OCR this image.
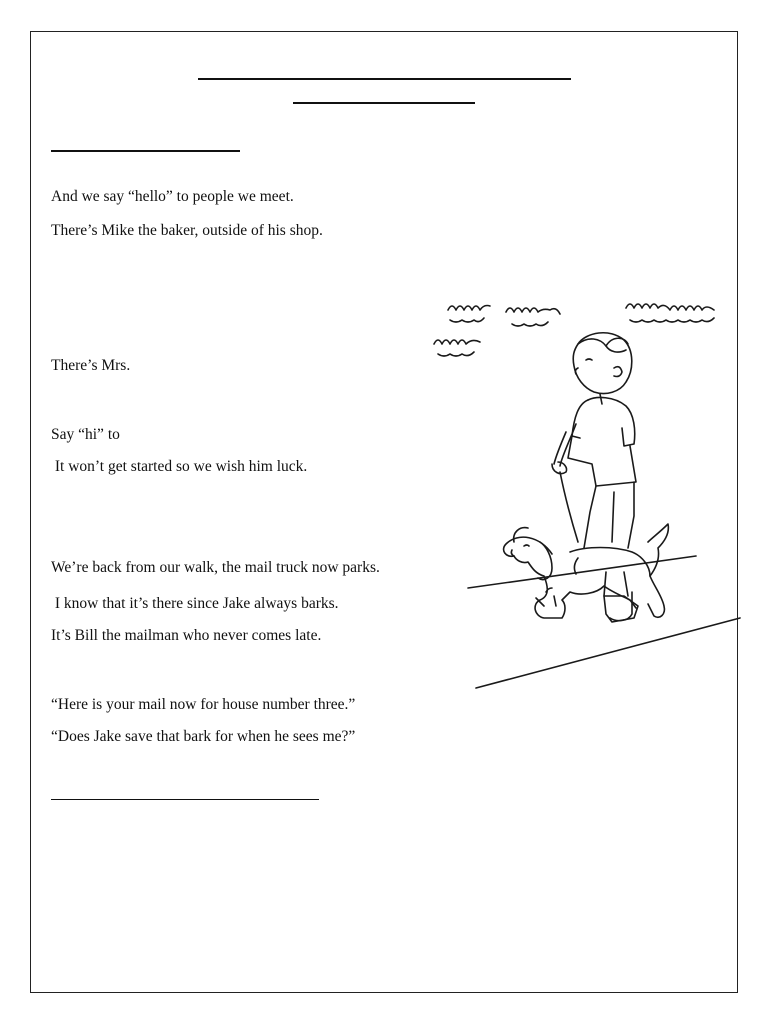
And we say “hello” to people we meet.
There’s Mike the baker, outside of his shop.
There’s Mrs.
Say “hi” to
It won’t get started so we wish him luck.
We’re back from our walk, the mail truck now parks.
I know that it’s there since Jake always barks.
It’s Bill the mailman who never comes late.
“Here is your mail now for house number three.”
“Does Jake save that bark for when he sees me?”
